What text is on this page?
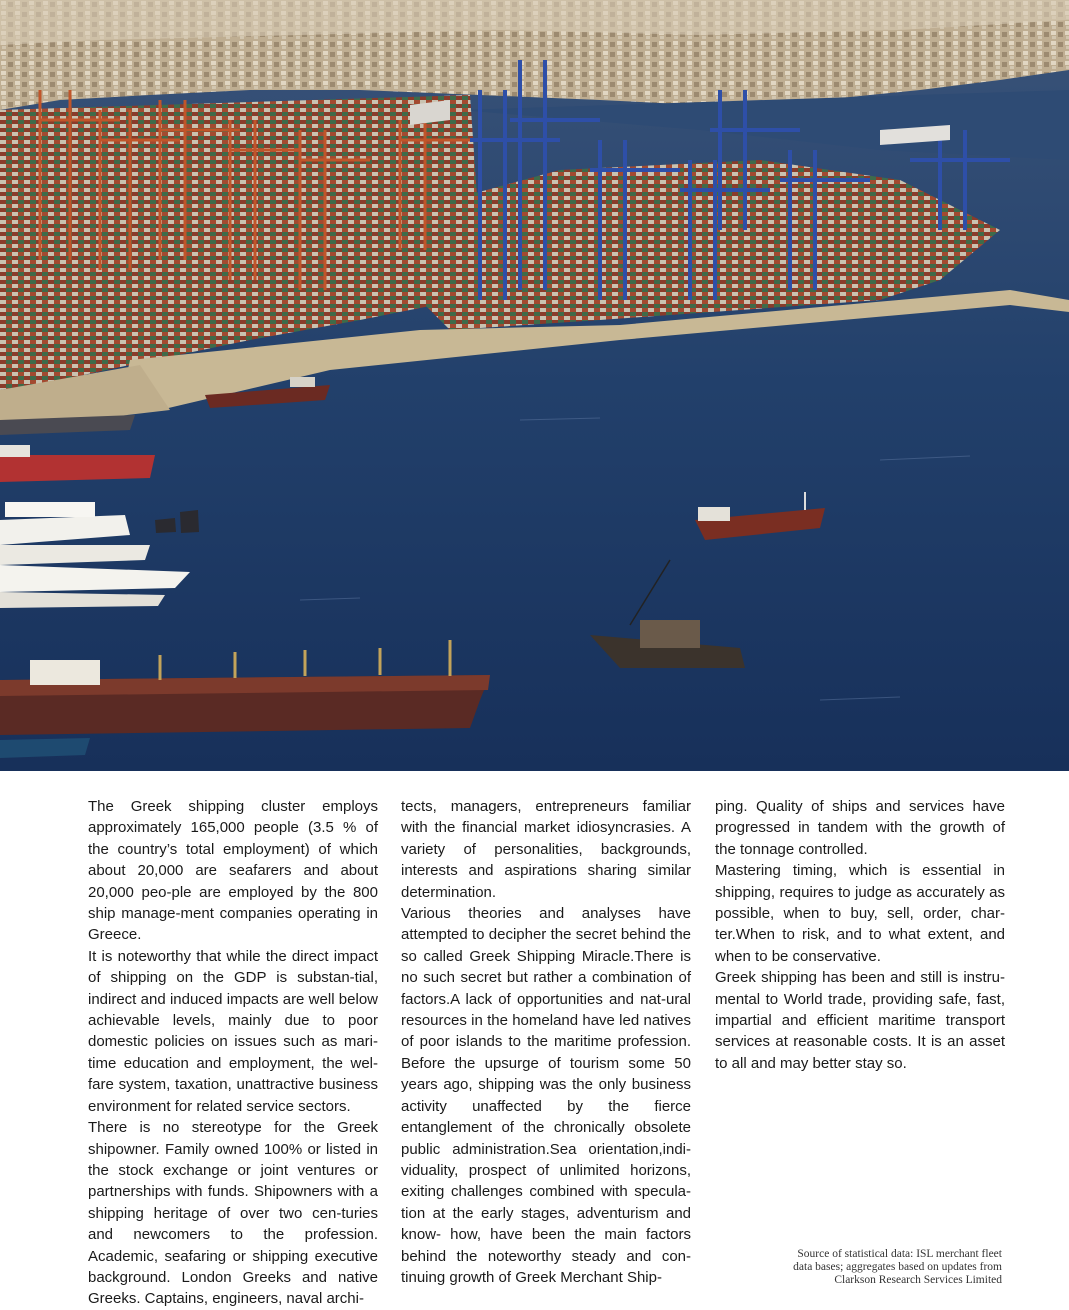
The Greek shipping cluster employs approximately 165,000 people (3.5 % of the country’s total employment) of which about 20,000 are seafarers and about 20,000 peo-ple are employed by the 800 ship manage-ment companies operating in Greece.

It is noteworthy that while the direct impact of shipping on the GDP is substan-tial, indirect and induced impacts are well below achievable levels, mainly due to poor domestic policies on issues such as mari-time education and employment, the wel-fare system, taxation, unattractive business environment for related service sectors.

There is no stereotype for the Greek shipowner. Family owned 100% or listed in the stock exchange or joint ventures or partnerships with funds. Shipowners with a shipping heritage of over two cen-turies and newcomers to the profession. Academic, seafaring or shipping executive background. London Greeks and native Greeks. Captains, engineers, naval archi-

tects, managers, entrepreneurs familiar with the financial market idiosyncrasies. A variety of personalities, backgrounds, interests and aspirations sharing similar determination.

Various theories and analyses have attempted to decipher the secret behind the so called Greek Shipping Miracle.There is no such secret but rather a combination of factors.A lack of opportunities and nat-ural resources in the homeland have led natives of poor islands to the maritime profession. Before the upsurge of tourism some 50 years ago, shipping was the only business activity unaffected by the fierce entanglement of the chronically obsolete public administration.Sea orientation,indi-viduality, prospect of unlimited horizons, exiting challenges combined with specula-tion at the early stages, adventurism and know- how, have been the main factors behind the noteworthy steady and con-tinuing growth of Greek Merchant Ship-

ping. Quality of ships and services have progressed in tandem with the growth of the tonnage controlled.

Mastering timing, which is essential in shipping, requires to judge as accurately as possible, when to buy, sell, order, char-ter.When to risk, and to what extent, and when to be conservative.

Greek shipping has been and still is instru-mental to World trade, providing safe, fast, impartial and efficient maritime transport services at reasonable costs. It is an asset to all and may better stay so.

Source of statistical data: ISL merchant fleet
data bases; aggregates based on updates from
Clarkson Research Services Limited
